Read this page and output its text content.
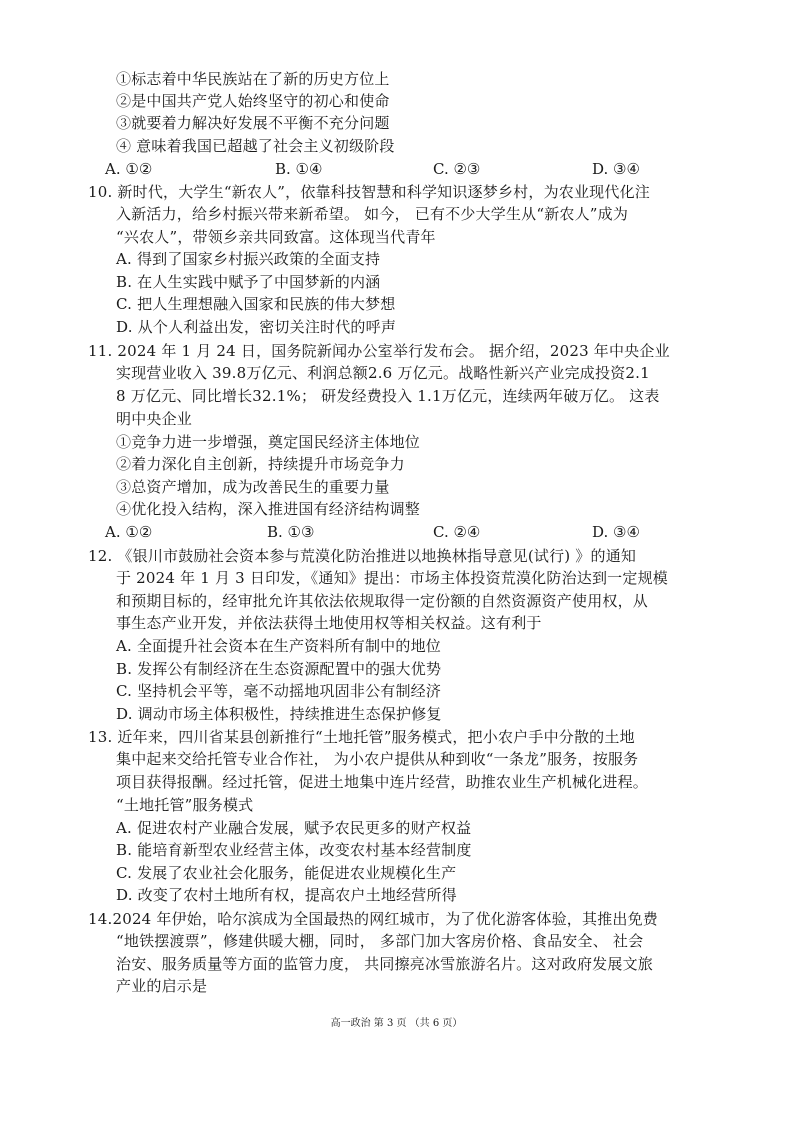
①标志着中华民族站在了新的历史方位上
②是中国共产党人始终坚守的初心和使命
③就要着力解决好发展不平衡不充分问题
④ 意味着我国已超越了社会主义初级阶段
A. ①②	B. ①④	C. ②③	D. ③④
10. 新时代，大学生“新农人”，依靠科技智慧和科学知识逐梦乡村，为农业现代化注
入新活力，给乡村振兴带来新希望。 如今， 已有不少大学生从“新农人”成为
“兴农人”，带领乡亲共同致富。这体现当代青年
A. 得到了国家乡村振兴政策的全面支持
B. 在人生实践中赋予了中国梦新的内涵
C. 把人生理想融入国家和民族的伟大梦想
D. 从个人利益出发，密切关注时代的呼声
11. 2024 年 1 月 24 日，国务院新闻办公室举行发布会。 据介绍，2023 年中央企业
实现营业收入 39.8万亿元、利润总额2.6 万亿元。战略性新兴产业完成投资2.1
8 万亿元、同比增长32.1%； 研发经费投入 1.1万亿元，连续两年破万亿。 这表
明中央企业
①竞争力进一步增强，奠定国民经济主体地位
②着力深化自主创新，持续提升市场竞争力
③总资产增加，成为改善民生的重要力量
④优化投入结构，深入推进国有经济结构调整
A. ①②	B. ①③	C. ②④	D. ③④
12. 《银川市鼓励社会资本参与荒漠化防治推进以地换林指导意见(试行) 》的通知
于 2024 年 1 月 3 日印发，《通知》提出：市场主体投资荒漠化防治达到一定规模
和预期目标的，经审批允许其依法依规取得一定份额的自然资源资产使用权，从
事生态产业开发，并依法获得土地使用权等相关权益。这有利于
A. 全面提升社会资本在生产资料所有制中的地位
B. 发挥公有制经济在生态资源配置中的强大优势
C. 坚持机会平等，毫不动摇地巩固非公有制经济
D. 调动市场主体积极性，持续推进生态保护修复
13. 近年来，四川省某县创新推行“土地托管”服务模式，把小农户手中分散的土地
集中起来交给托管专业合作社， 为小农户提供从种到收“一条龙”服务，按服务
项目获得报酬。经过托管，促进土地集中连片经营，助推农业生产机械化进程。
“土地托管”服务模式
A. 促进农村产业融合发展，赋予农民更多的财产权益
B. 能培育新型农业经营主体，改变农村基本经营制度
C. 发展了农业社会化服务，能促进农业规模化生产
D. 改变了农村土地所有权，提高农户土地经营所得
14.2024 年伊始，哈尔滨成为全国最热的网红城市，为了优化游客体验，其推出免费
“地铁摆渡票”，修建供暖大棚，同时， 多部门加大客房价格、食品安全、 社会
治安、服务质量等方面的监管力度， 共同擦亮冰雪旅游名片。这对政府发展文旅
产业的启示是
高一政治 第 3 页 （共 6 页）
